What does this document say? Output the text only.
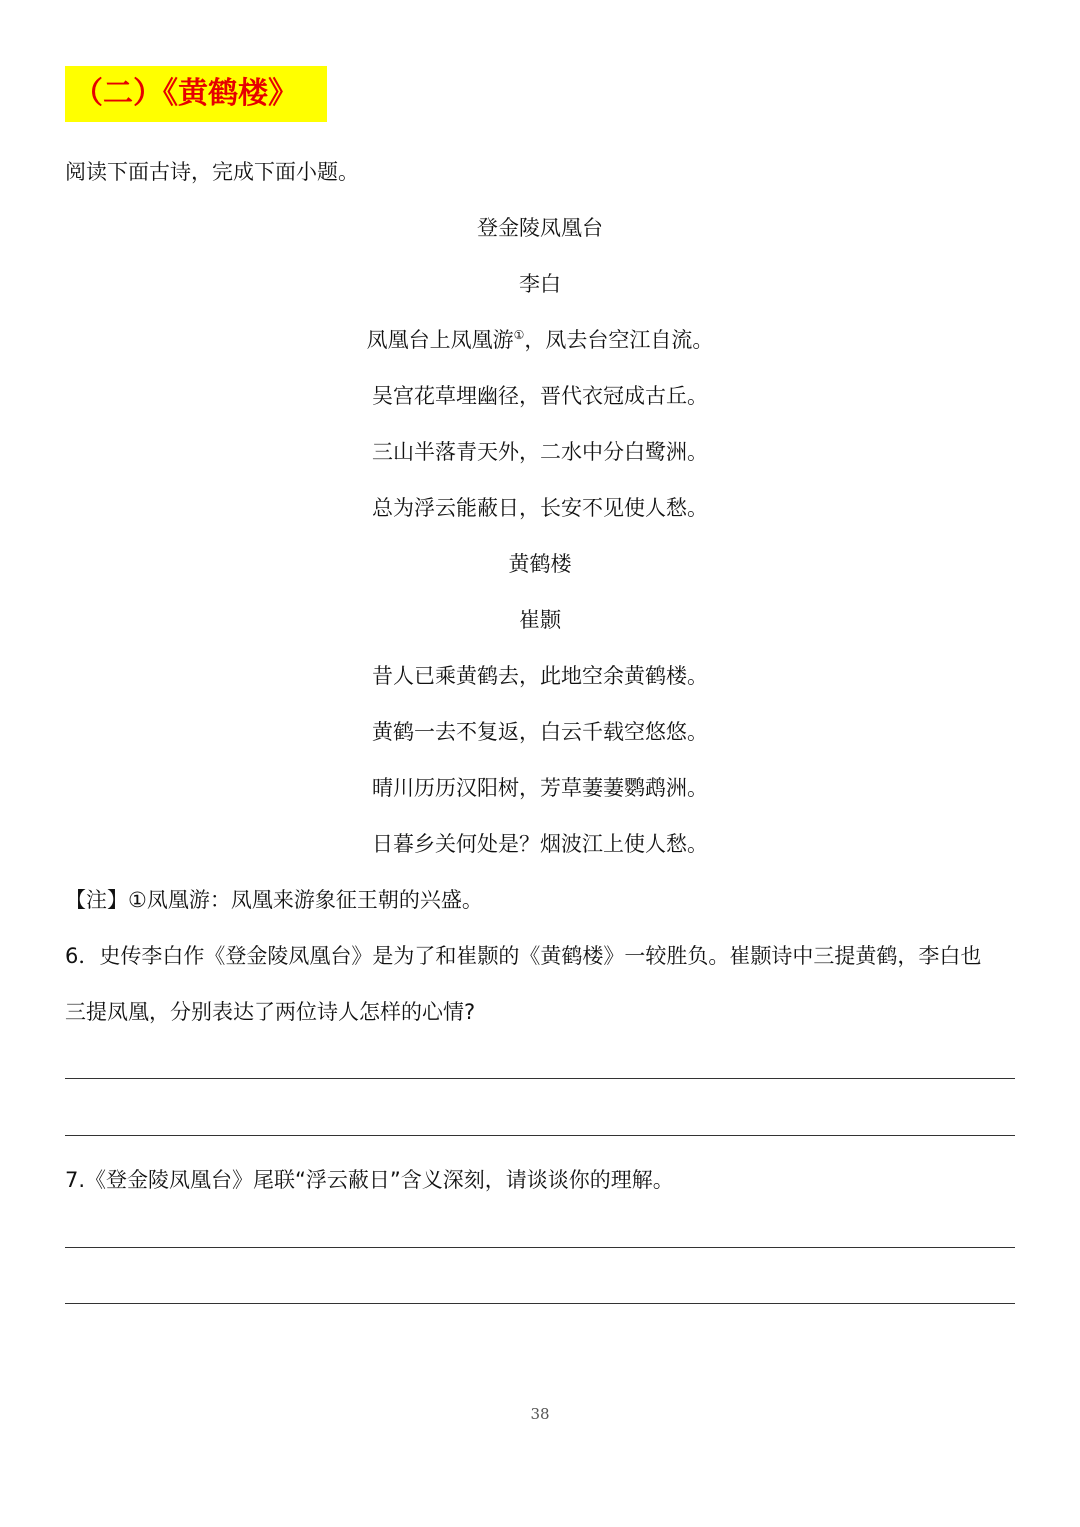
（二）《黄鹤楼》
阅读下面古诗，完成下面小题。
登金陵凤凰台
李白
凤凰台上凤凰游①，凤去台空江自流。
吴宫花草埋幽径，晋代衣冠成古丘。
三山半落青天外，二水中分白鹭洲。
总为浮云能蔽日，长安不见使人愁。
黄鹤楼
崔颢
昔人已乘黄鹤去，此地空余黄鹤楼。
黄鹤一去不复返，白云千载空悠悠。
晴川历历汉阳树，芳草萋萋鹦鹉洲。
日暮乡关何处是？烟波江上使人愁。
【注】①凤凰游：凤凰来游象征王朝的兴盛。
6．史传李白作《登金陵凤凰台》是为了和崔颢的《黄鹤楼》一较胜负。崔颢诗中三提黄鹤，李白也
三提凤凰，分别表达了两位诗人怎样的心情?
7.《登金陵凤凰台》尾联“浮云蔽日”含义深刻，请谈谈你的理解。
38
